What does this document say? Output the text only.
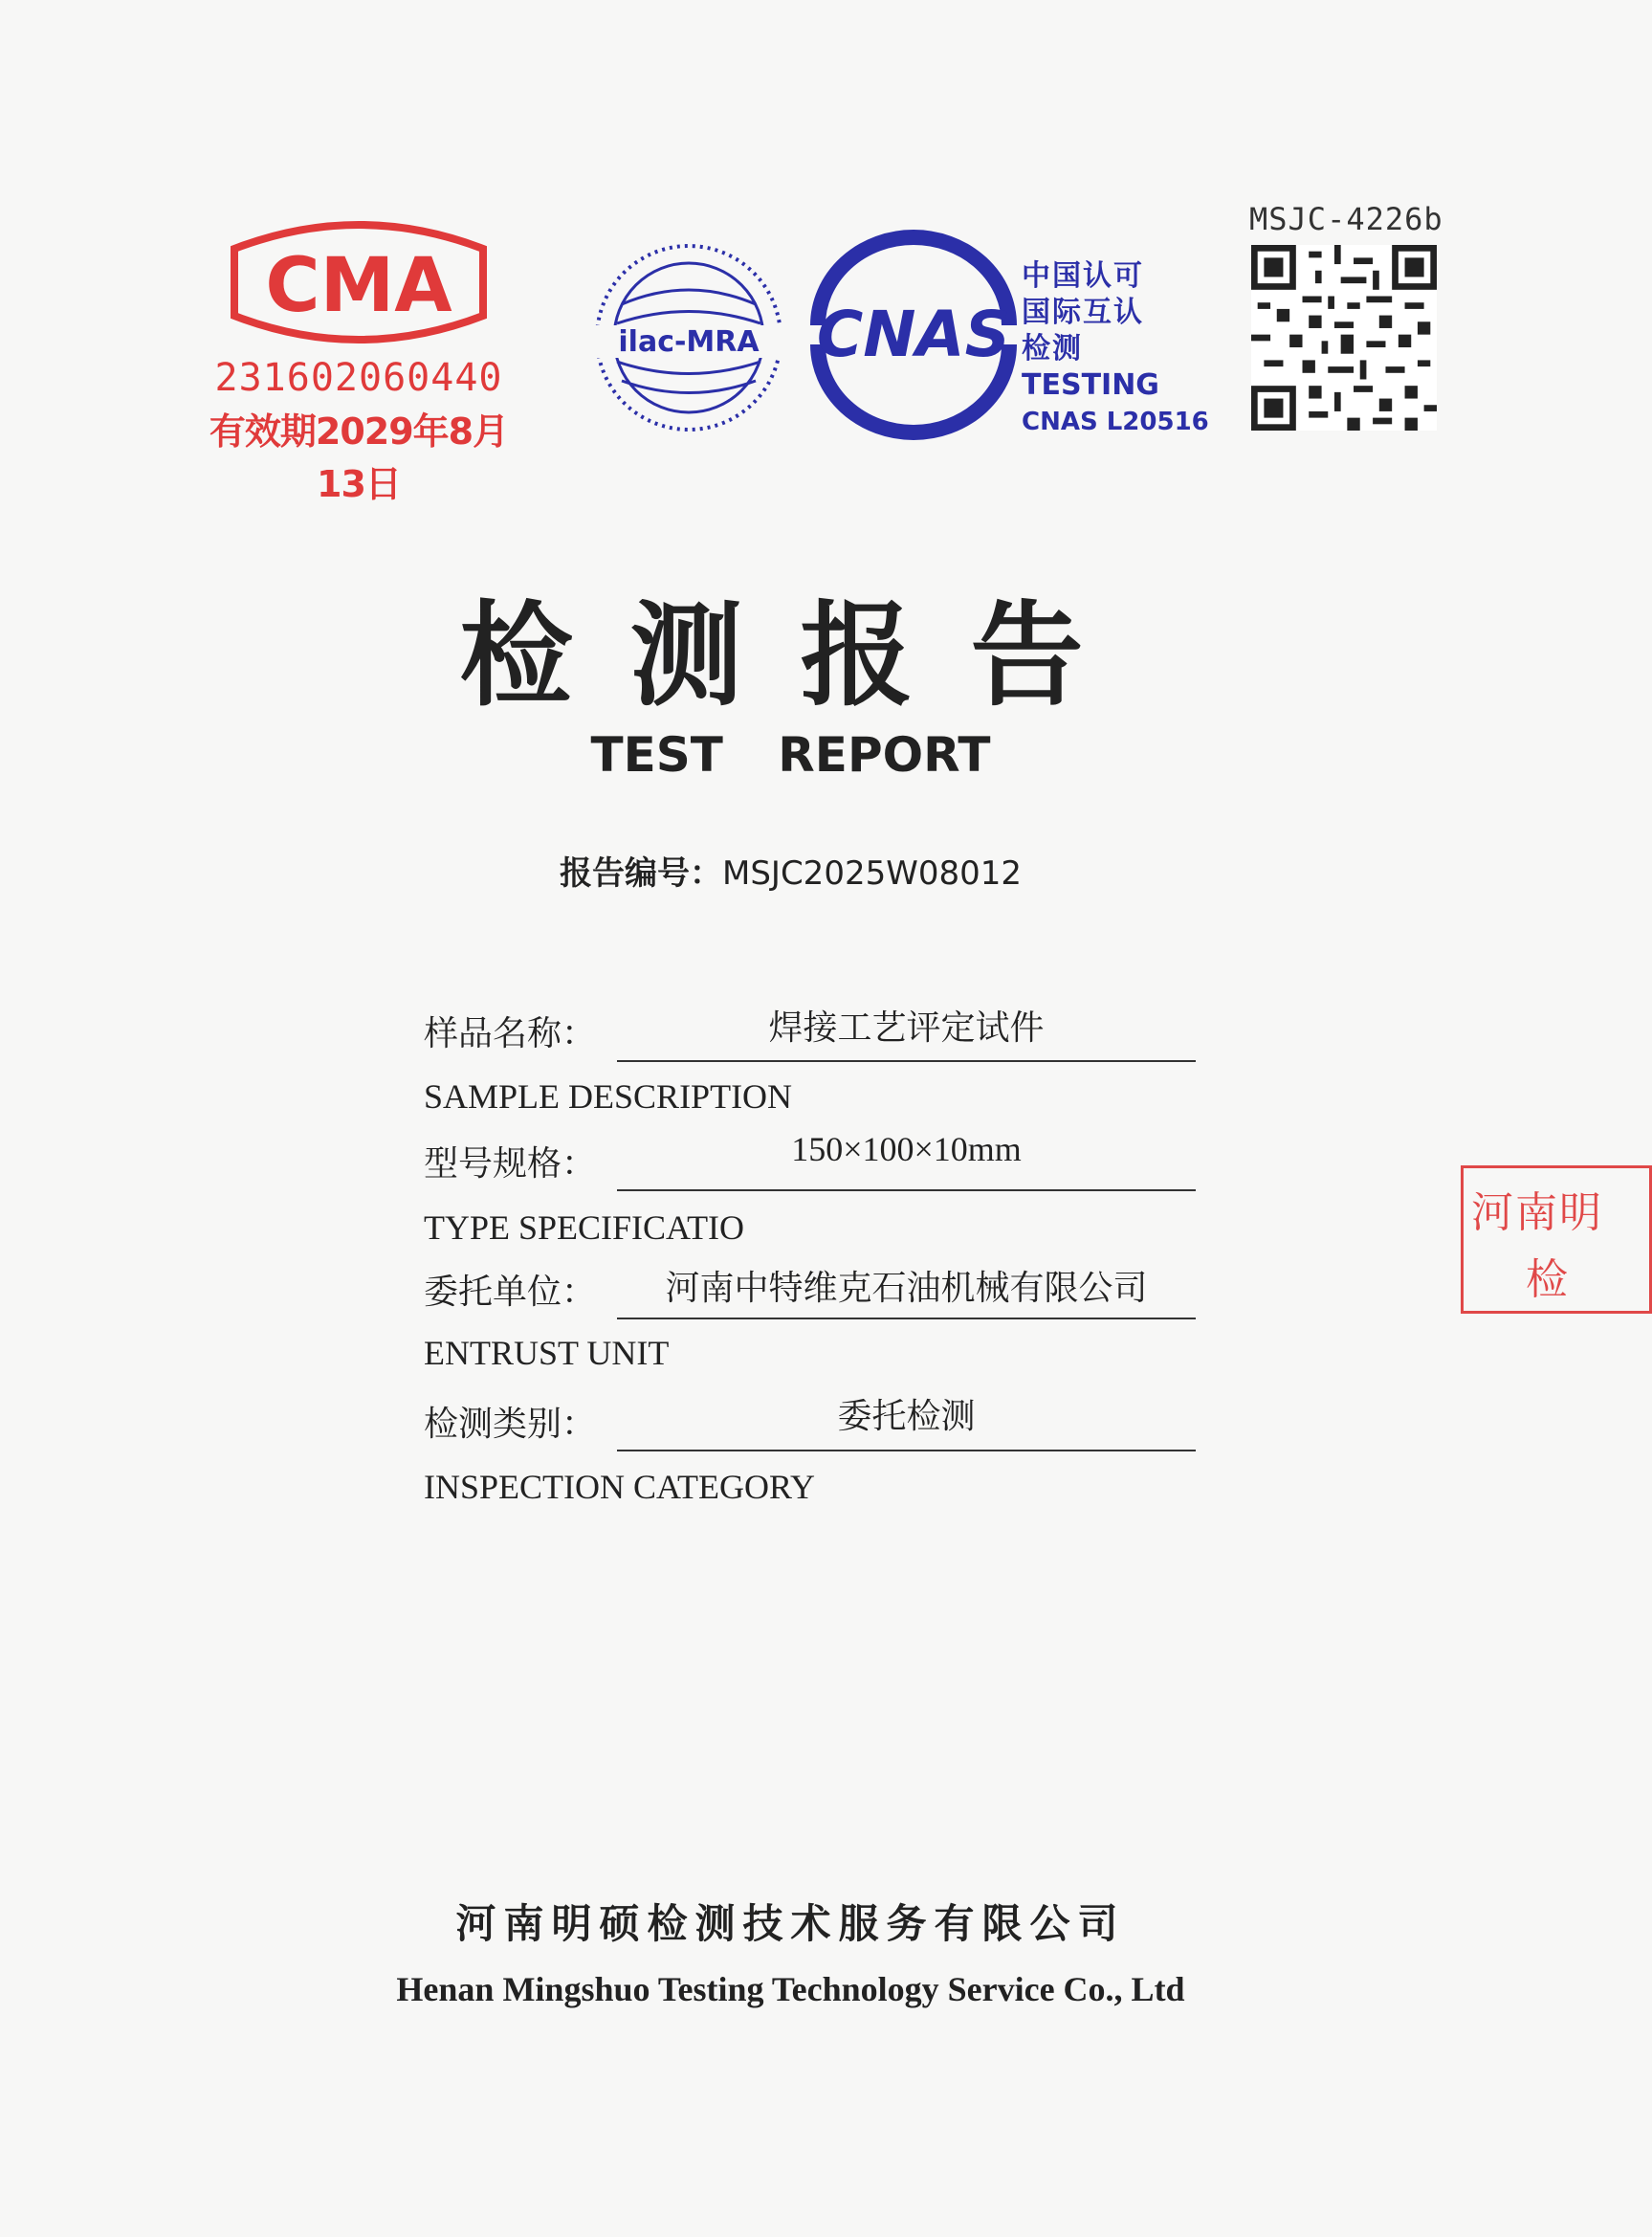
CMA
231602060440
有效期2029年8月13日
ilac-MRA CNAS
中国认可
国际互认
检测
TESTING
CNAS L20516
MSJC-4226b
检测报告
TEST REPORT
报告编号：MSJC2025W08012
样品名称：	焊接工艺评定试件
SAMPLE DESCRIPTION
型号规格：	150×100×10mm
TYPE SPECIFICATIO
委托单位：	河南中特维克石油机械有限公司
ENTRUST UNIT
检测类别：	委托检测
INSPECTION CATEGORY
河南明
检
河南明硕检测技术服务有限公司
Henan Mingshuo Testing Technology Service Co., Ltd
